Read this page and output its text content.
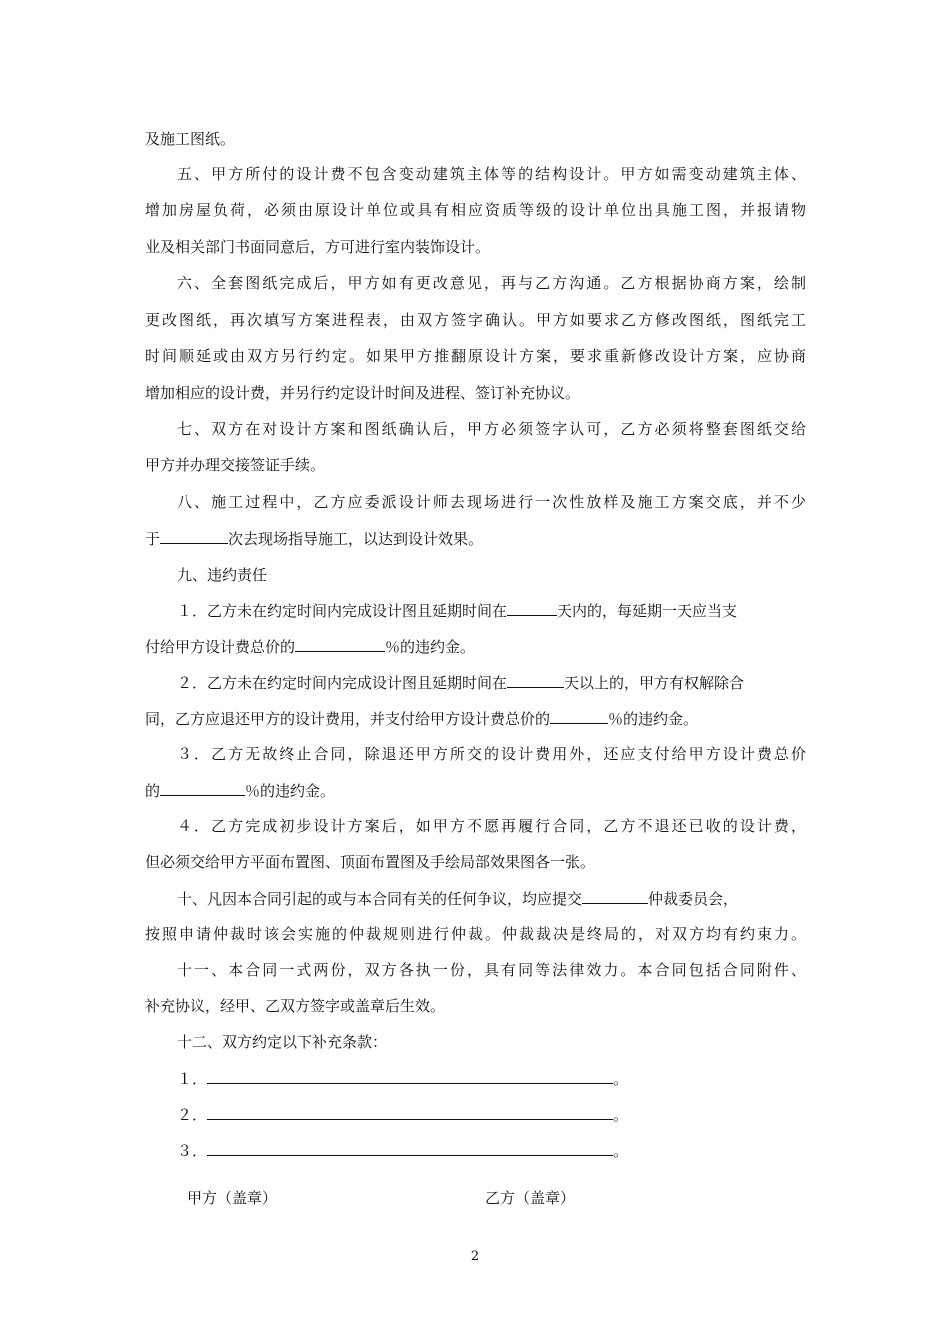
及施工图纸。
五、甲方所付的设计费不包含变动建筑主体等的结构设计。甲方如需变动建筑主体、
增加房屋负荷，必须由原设计单位或具有相应资质等级的设计单位出具施工图，并报请物
业及相关部门书面同意后，方可进行室内装饰设计。
六、全套图纸完成后，甲方如有更改意见，再与乙方沟通。乙方根据协商方案，绘制
更改图纸，再次填写方案进程表，由双方签字确认。甲方如要求乙方修改图纸，图纸完工
时间顺延或由双方另行约定。如果甲方推翻原设计方案，要求重新修改设计方案，应协商
增加相应的设计费，并另行约定设计时间及进程、签订补充协议。
七、双方在对设计方案和图纸确认后，甲方必须签字认可，乙方必须将整套图纸交给
甲方并办理交接签证手续。
八、施工过程中，乙方应委派设计师去现场进行一次性放样及施工方案交底，并不少
于	次去现场指导施工，以达到设计效果。
九、违约责任
１．乙方未在约定时间内完成设计图且延期时间在	天内的，每延期一天应当支
付给甲方设计费总价的	％的违约金。
２．乙方未在约定时间内完成设计图且延期时间在	天以上的，甲方有权解除合
同，乙方应退还甲方的设计费用，并支付给甲方设计费总价的	％的违约金。
３．乙方无故终止合同，除退还甲方所交的设计费用外，还应支付给甲方设计费总价
的	％的违约金。
４．乙方完成初步设计方案后，如甲方不愿再履行合同，乙方不退还已收的设计费，
但必须交给甲方平面布置图、顶面布置图及手绘局部效果图各一张。
十、凡因本合同引起的或与本合同有关的任何争议，均应提交	仲裁委员会，
按照申请仲裁时该会实施的仲裁规则进行仲裁。仲裁裁决是终局的，对双方均有约束力。
十一、本合同一式两份，双方各执一份，具有同等法律效力。本合同包括合同附件、
补充协议，经甲、乙双方签字或盖章后生效。
十二、双方约定以下补充条款：
１．	。
２．	。
３．	。
甲方（盖章）	乙方（盖章）
2
